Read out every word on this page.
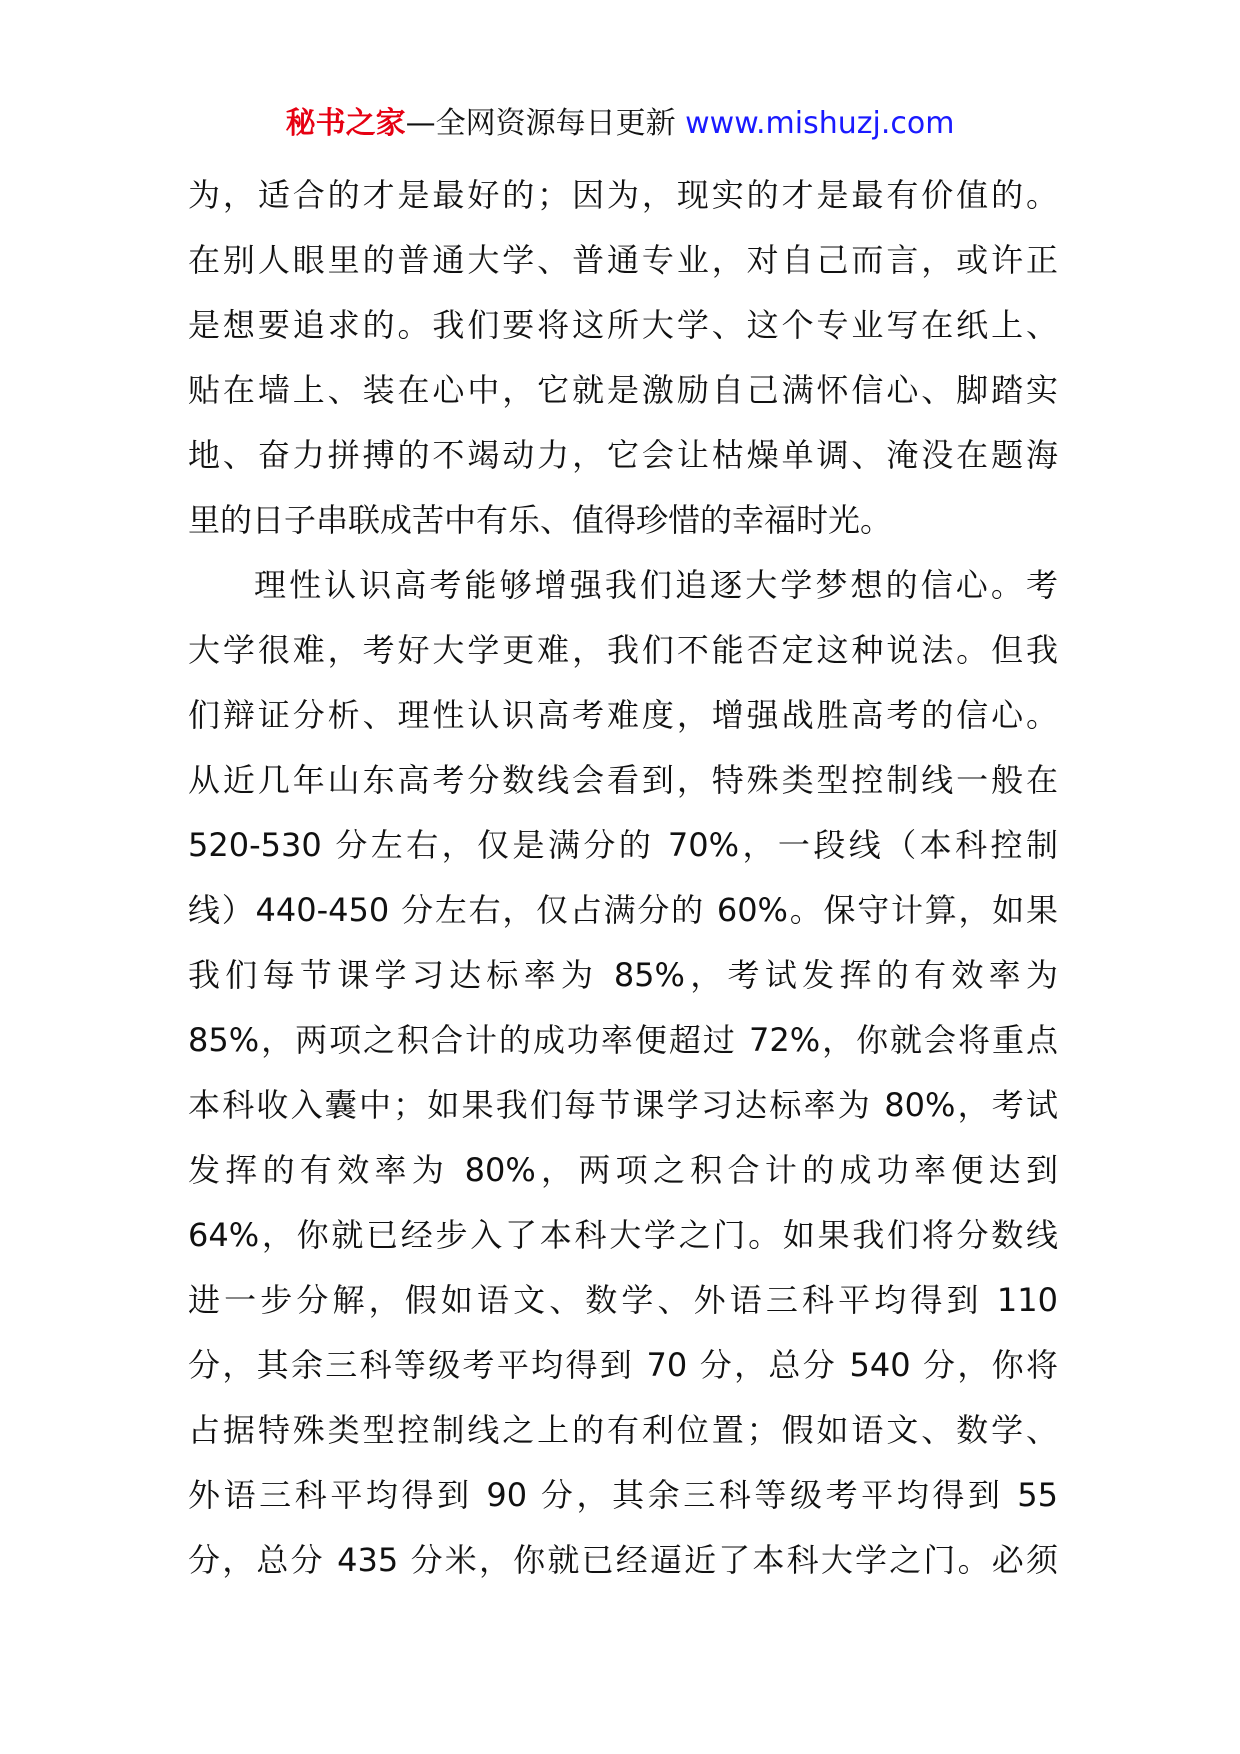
秘书之家—全网资源每日更新 www.mishuzj.com
为，适合的才是最好的；因为，现实的才是最有价值的。
在别人眼里的普通大学、普通专业，对自己而言，或许正
是想要追求的。我们要将这所大学、这个专业写在纸上、
贴在墙上、装在心中，它就是激励自己满怀信心、脚踏实
地、奋力拼搏的不竭动力，它会让枯燥单调、淹没在题海
里的日子串联成苦中有乐、值得珍惜的幸福时光。
理性认识高考能够增强我们追逐大学梦想的信心。考
大学很难，考好大学更难，我们不能否定这种说法。但我
们辩证分析、理性认识高考难度，增强战胜高考的信心。
从近几年山东高考分数线会看到，特殊类型控制线一般在
520-530 分左右，仅是满分的 70%，一段线（本科控制
线）440-450 分左右，仅占满分的 60%。保守计算，如果
我们每节课学习达标率为 85%，考试发挥的有效率为
85%，两项之积合计的成功率便超过 72%，你就会将重点
本科收入囊中；如果我们每节课学习达标率为 80%，考试
发挥的有效率为 80%，两项之积合计的成功率便达到
64%，你就已经步入了本科大学之门。如果我们将分数线
进一步分解，假如语文、数学、外语三科平均得到 110
分，其余三科等级考平均得到 70 分，总分 540 分，你将
占据特殊类型控制线之上的有利位置；假如语文、数学、
外语三科平均得到 90 分，其余三科等级考平均得到 55
分，总分 435 分米，你就已经逼近了本科大学之门。必须
